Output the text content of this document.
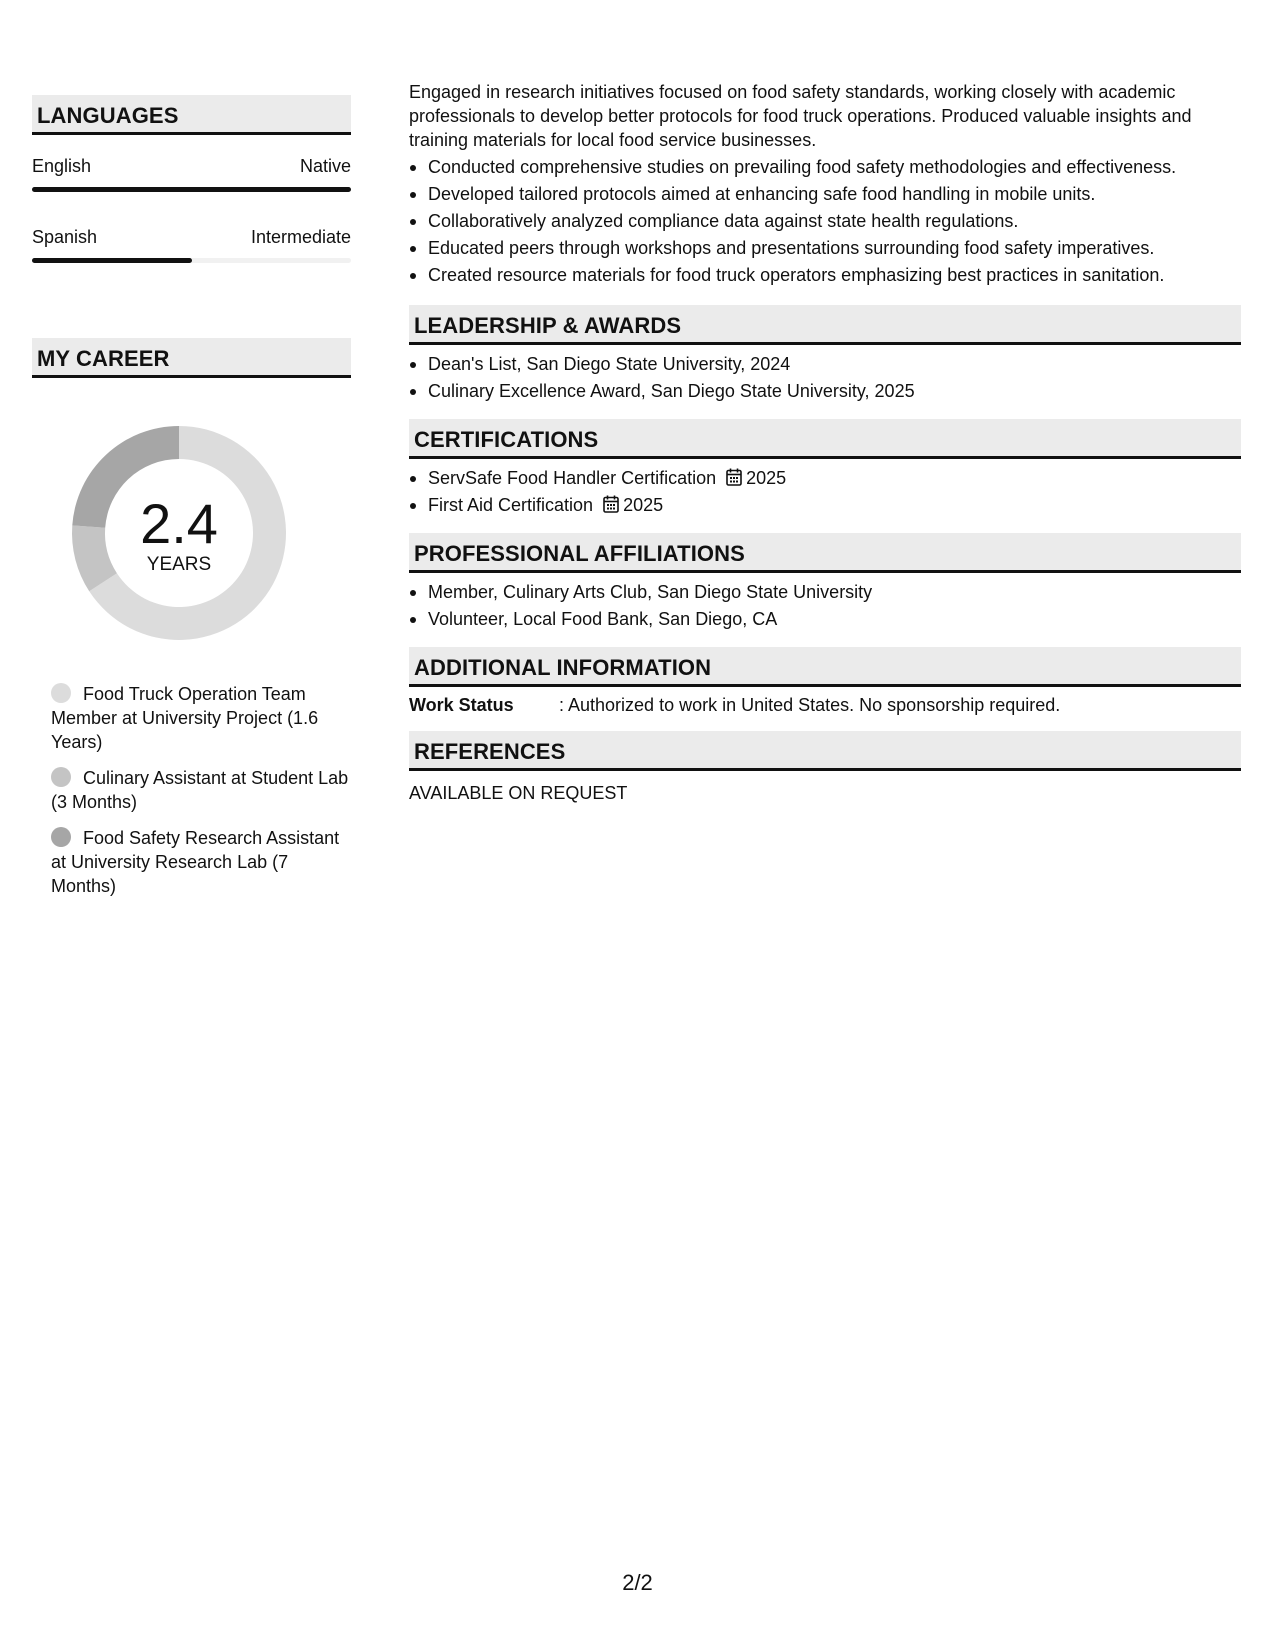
LANGUAGES
English	Native
Spanish	Intermediate
MY CAREER
2.4
YEARS
Food Truck Operation Team Member at University Project (1.6 Years)
Culinary Assistant at Student Lab (3 Months)
Food Safety Research Assistant at University Research Lab (7 Months)

Engaged in research initiatives focused on food safety standards, working closely with academic professionals to develop better protocols for food truck operations. Produced valuable insights and training materials for local food service businesses.

Conducted comprehensive studies on prevailing food safety methodologies and effectiveness.
Developed tailored protocols aimed at enhancing safe food handling in mobile units.
Collaboratively analyzed compliance data against state health regulations.
Educated peers through workshops and presentations surrounding food safety imperatives.
Created resource materials for food truck operators emphasizing best practices in sanitation.
LEADERSHIP & AWARDS
Dean's List, San Diego State University, 2024
Culinary Excellence Award, San Diego State University, 2025
CERTIFICATIONS
ServSafe Food Handler Certification 2025
First Aid Certification 2025
PROFESSIONAL AFFILIATIONS
Member, Culinary Arts Club, San Diego State University
Volunteer, Local Food Bank, San Diego, CA
ADDITIONAL INFORMATION
Work Status	: Authorized to work in United States. No sponsorship required.
REFERENCES
AVAILABLE ON REQUEST
2/2
